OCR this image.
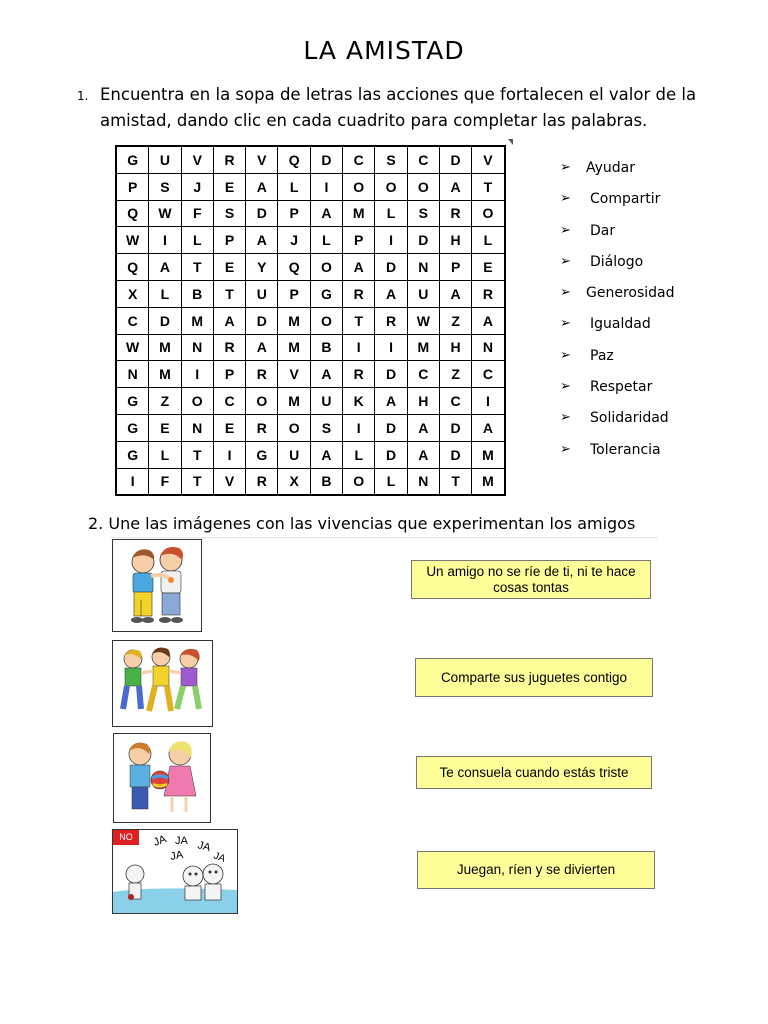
LA AMISTAD
1. Encuentra en la sopa de letras las acciones que fortalecen el valor de la amistad, dando clic en cada cuadrito para completar las palabras.
G	U	V	R	V	Q	D	C	S	C	D	V
P	S	J	E	A	L	I	O	O	O	A	T
Q	W	F	S	D	P	A	M	L	S	R	O
W	I	L	P	A	J	L	P	I	D	H	L
Q	A	T	E	Y	Q	O	A	D	N	P	E
X	L	B	T	U	P	G	R	A	U	A	R
C	D	M	A	D	M	O	T	R	W	Z	A
W	M	N	R	A	M	B	I	I	M	H	N
N	M	I	P	R	V	A	R	D	C	Z	C
G	Z	O	C	O	M	U	K	A	H	C	I
G	E	N	E	R	O	S	I	D	A	D	A
G	L	T	I	G	U	A	L	D	A	D	M
I	F	T	V	R	X	B	O	L	N	T	M
➢	Ayudar
➢	Compartir
➢	Dar
➢	Diálogo
➢	Generosidad
➢	Igualdad
➢	Paz
➢	Respetar
➢	Solidaridad
➢	Tolerancia
2. Une las imágenes con las vivencias que experimentan los amigos
JA JA JA
JA	JA
NO
Un amigo no se ríe de ti, ni te hace cosas tontas
Comparte sus juguetes contigo
Te consuela cuando estás triste
Juegan, ríen y se divierten
